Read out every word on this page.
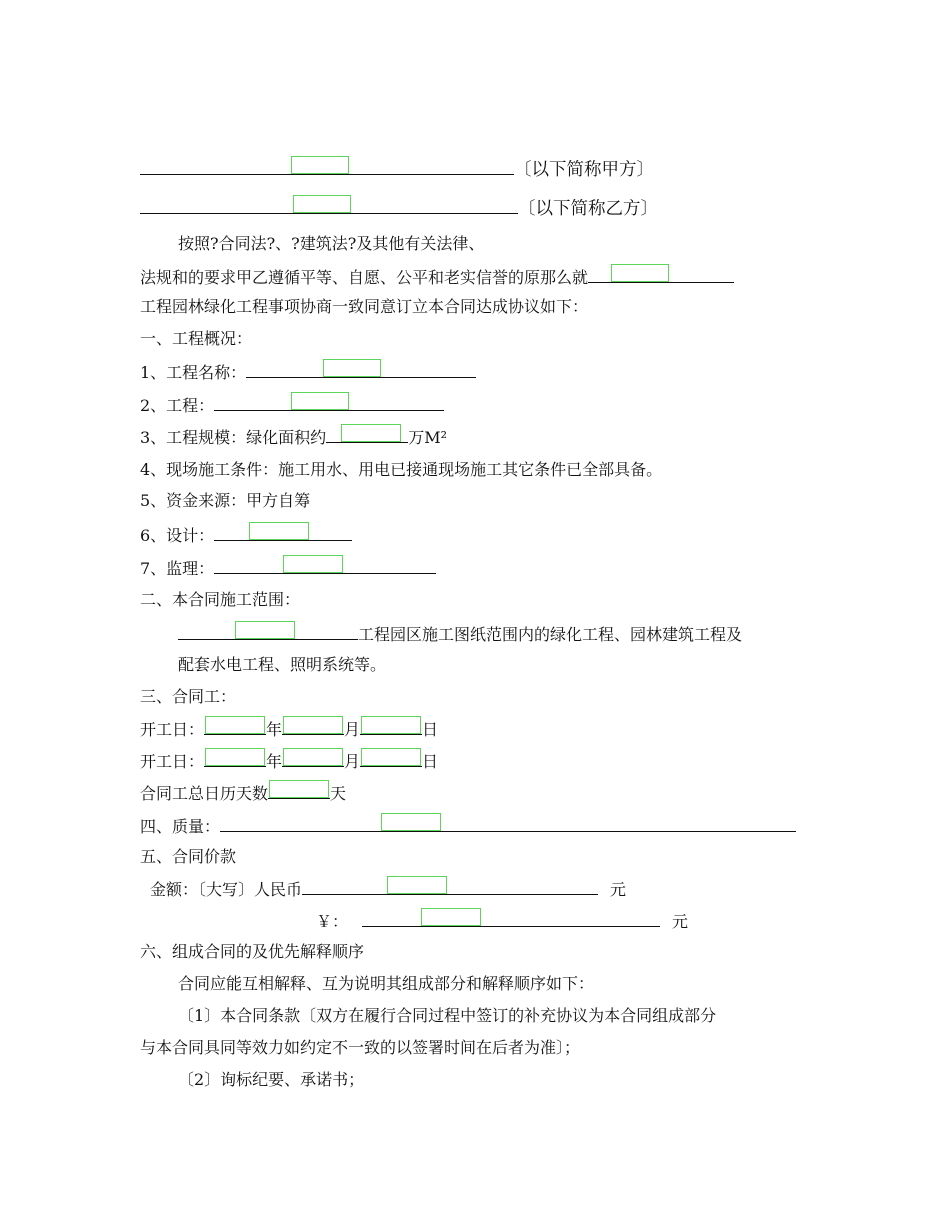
〔以下简称甲方〕
〔以下简称乙方〕
按照?合同法?、?建筑法?及其他有关法律、
法规和的要求甲乙遵循平等、自愿、公平和老实信誉的原那么就
工程园林绿化工程事项协商一致同意订立本合同达成协议如下：
一、工程概况：
1、工程名称：
2、工程：
3、工程规模：绿化面积约	万M²
4、现场施工条件：施工用水、用电已接通现场施工其它条件已全部具备。
5、资金来源：甲方自筹
6、设计：
7、监理：
二、本合同施工范围：
工程园区施工图纸范围内的绿化工程、园林建筑工程及
配套水电工程、照明系统等。
三、合同工：
开工日：	年	月	日
开工日：	年	月	日
合同工总日历天数	天
四、质量：
五、合同价款
金额：〔大写〕人民币	元
￥：	元
六、组成合同的及优先解释顺序
合同应能互相解释、互为说明其组成部分和解释顺序如下：
〔1〕本合同条款〔双方在履行合同过程中签订的补充协议为本合同组成部分
与本合同具同等效力如约定不一致的以签署时间在后者为准〕；
〔2〕询标纪要、承诺书；
